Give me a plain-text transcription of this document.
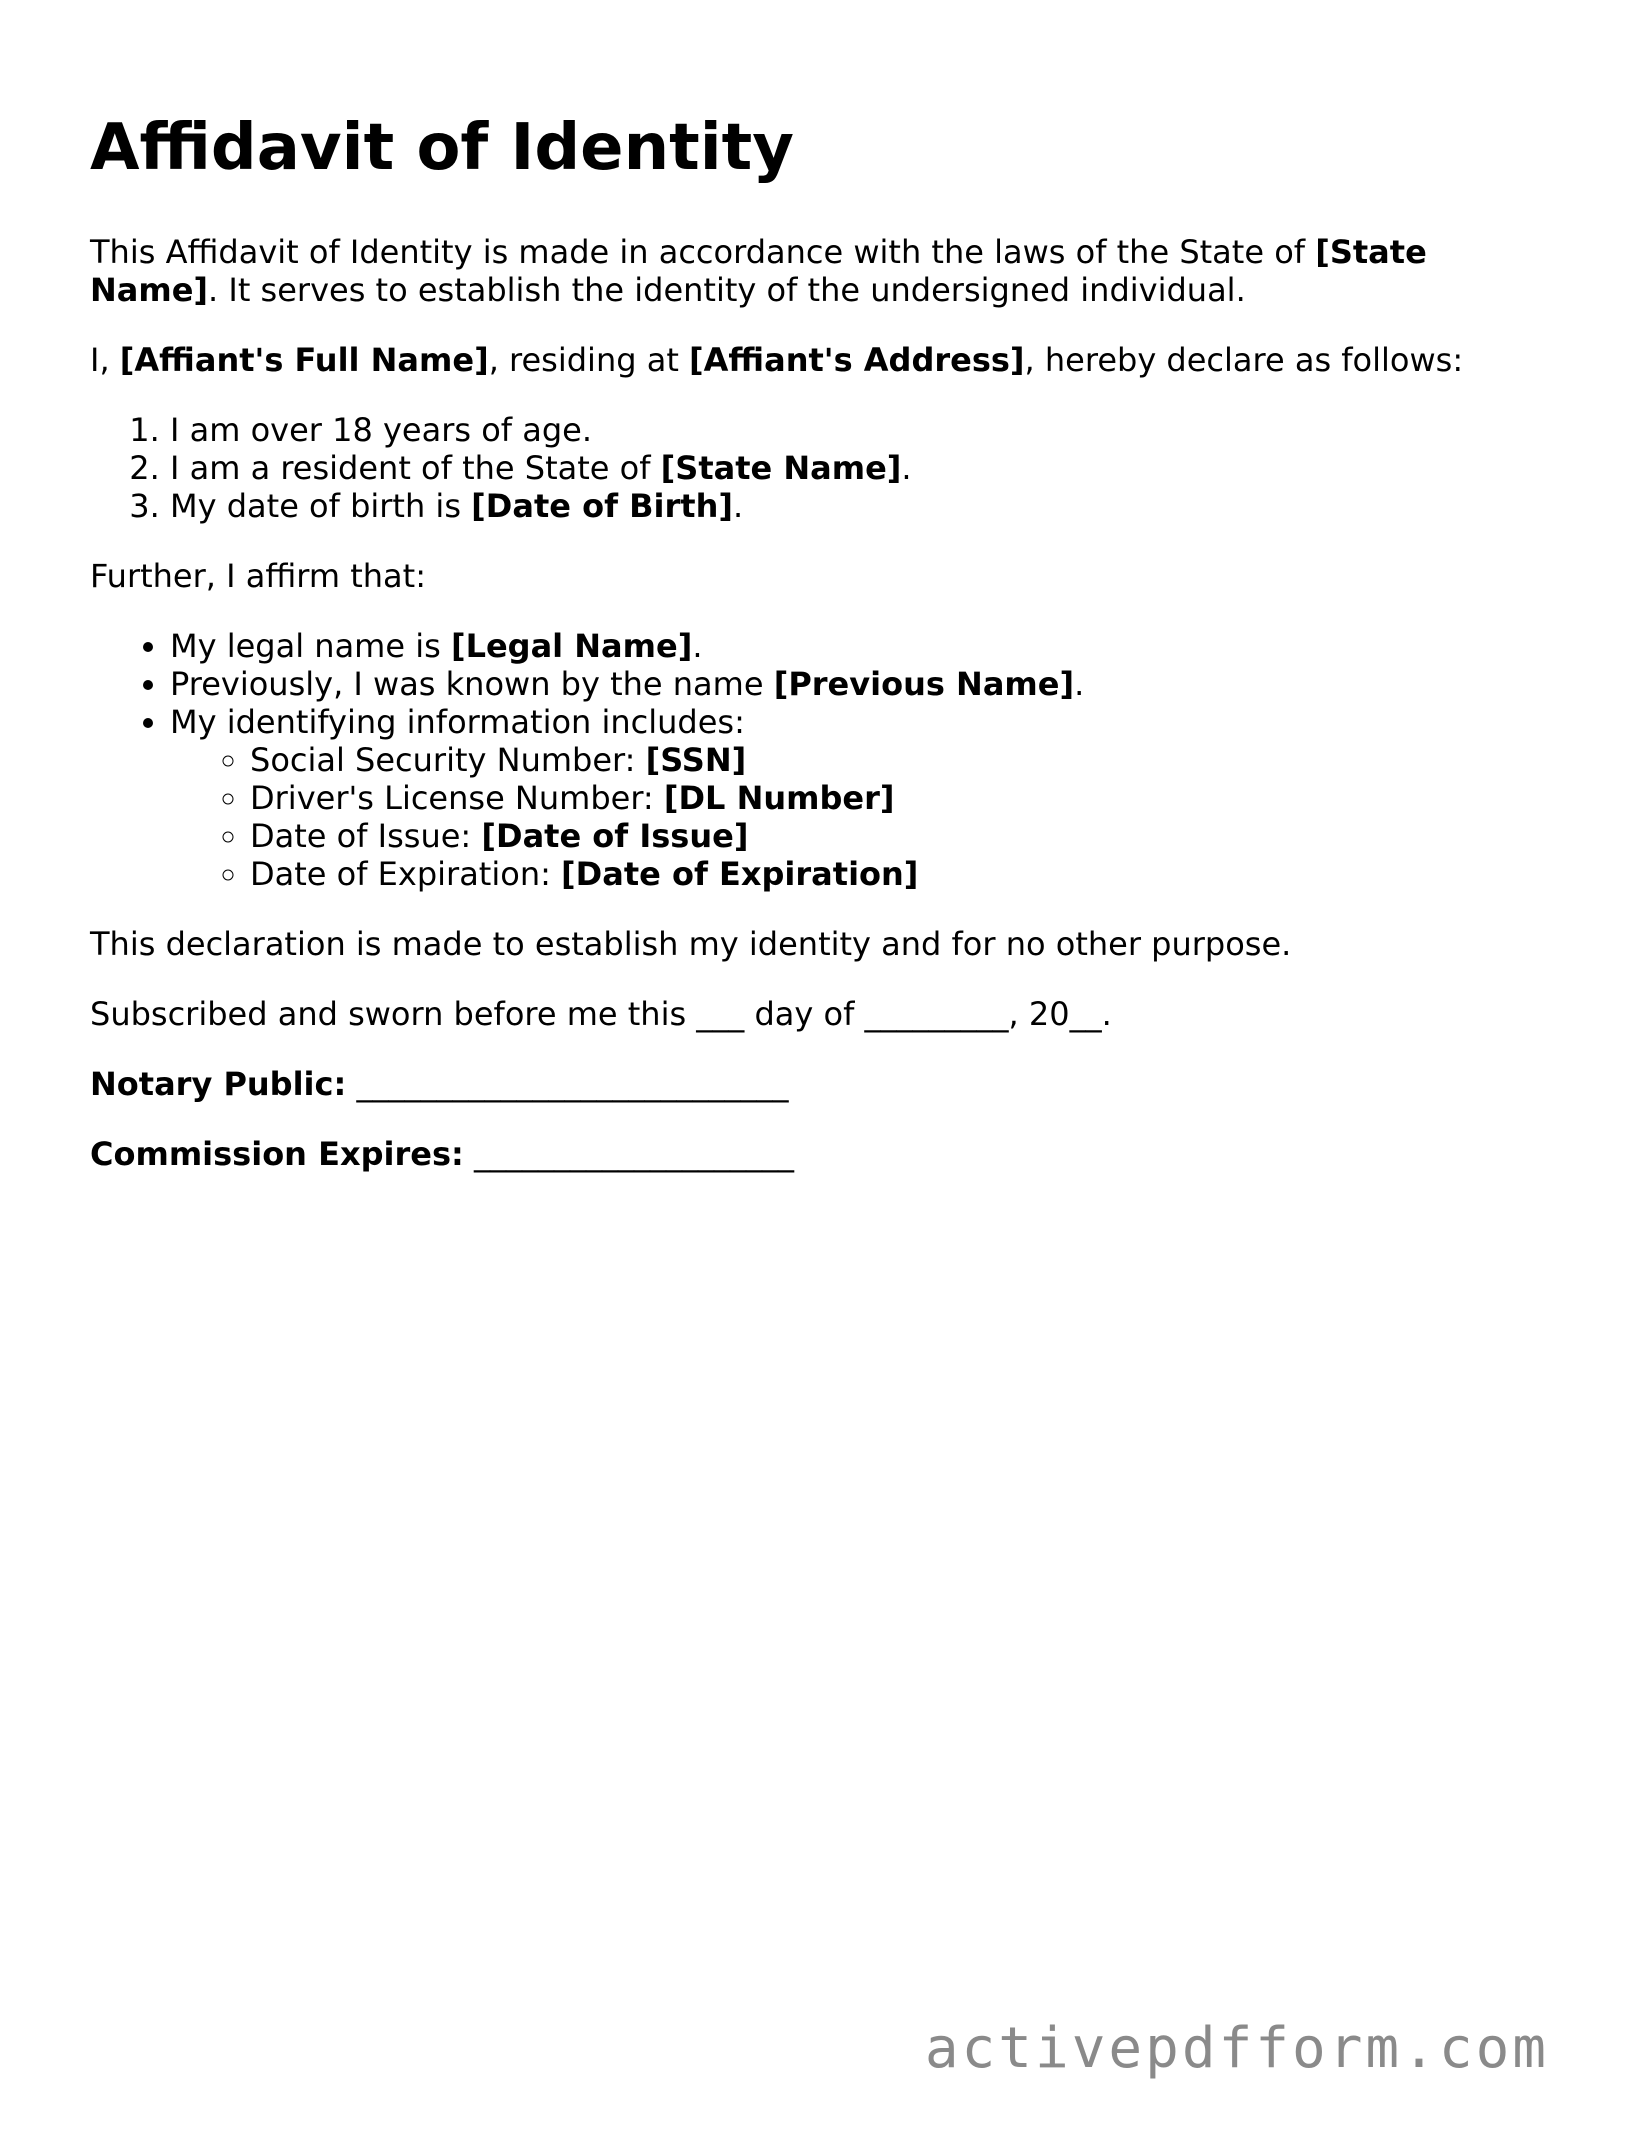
Affidavit of Identity

This Affidavit of Identity is made in accordance with the laws of the State of [State Name]. It serves to establish the identity of the undersigned individual.

I, [Affiant's Full Name], residing at [Affiant's Address], hereby declare as follows:

1. I am over 18 years of age.
2. I am a resident of the State of [State Name].
3. My date of birth is [Date of Birth].

Further, I affirm that:

• My legal name is [Legal Name].
• Previously, I was known by the name [Previous Name].
• My identifying information includes:
◦ Social Security Number: [SSN]
◦ Driver's License Number: [DL Number]
◦ Date of Issue: [Date of Issue]
◦ Date of Expiration: [Date of Expiration]

This declaration is made to establish my identity and for no other purpose.

Subscribed and sworn before me this ___ day of _________, 20__.

Notary Public: ___________________________

Commission Expires: ____________________

activepdfform.com
